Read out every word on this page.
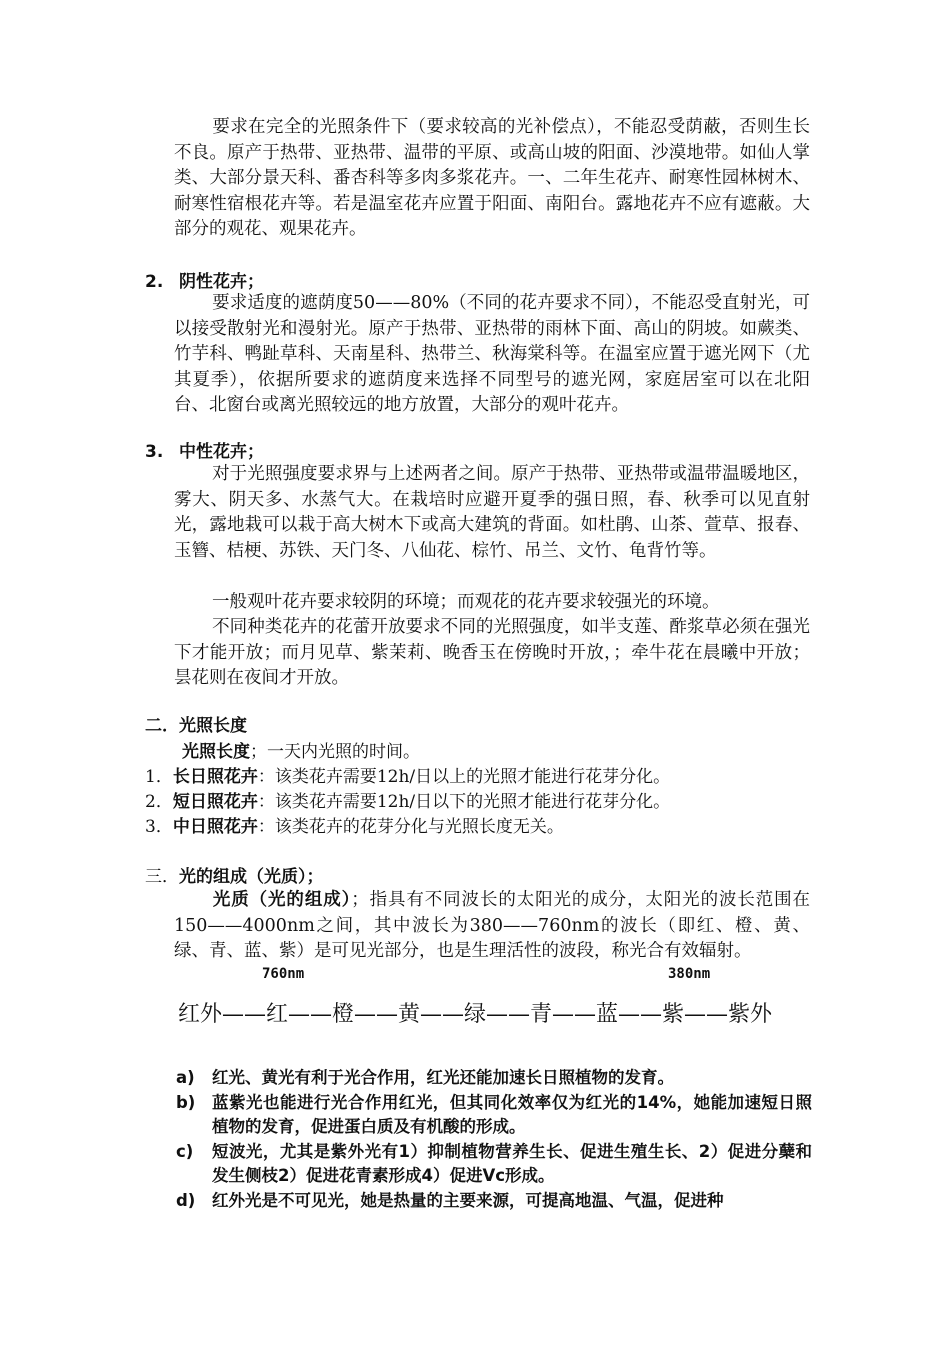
要求在完全的光照条件下（要求较高的光补偿点），不能忍受荫蔽，否则生长不良。原产于热带、亚热带、温带的平原、或高山坡的阳面、沙漠地带。如仙人掌类、大部分景天科、番杏科等多肉多浆花卉。一、二年生花卉、耐寒性园林树木、耐寒性宿根花卉等。若是温室花卉应置于阳面、南阳台。露地花卉不应有遮蔽。大部分的观花、观果花卉。
2. 阴性花卉；
要求适度的遮荫度50——80%（不同的花卉要求不同），不能忍受直射光，可以接受散射光和漫射光。原产于热带、亚热带的雨林下面、高山的阴坡。如蕨类、竹芋科、鸭趾草科、天南星科、热带兰、秋海棠科等。在温室应置于遮光网下（尤其夏季），依据所要求的遮荫度来选择不同型号的遮光网，家庭居室可以在北阳台、北窗台或离光照较远的地方放置，大部分的观叶花卉。
3. 中性花卉；
对于光照强度要求界与上述两者之间。原产于热带、亚热带或温带温暖地区，雾大、阴天多、水蒸气大。在栽培时应避开夏季的强日照，春、秋季可以见直射光，露地栽可以栽于高大树木下或高大建筑的背面。如杜鹃、山茶、萱草、报春、玉簪、桔梗、苏铁、天门冬、八仙花、棕竹、吊兰、文竹、龟背竹等。
一般观叶花卉要求较阴的环境；而观花的花卉要求较强光的环境。
不同种类花卉的花蕾开放要求不同的光照强度，如半支莲、酢浆草必须在强光下才能开放；而月见草、紫茉莉、晚香玉在傍晚时开放，；牵牛花在晨曦中开放；昙花则在夜间才开放。
二．光照长度
光照长度；一天内光照的时间。
1．长日照花卉：该类花卉需要12h/日以上的光照才能进行花芽分化。
2．短日照花卉：该类花卉需要12h/日以下的光照才能进行花芽分化。
3．中日照花卉：该类花卉的花芽分化与光照长度无关。
三．光的组成（光质）；
光质（光的组成）；指具有不同波长的太阳光的成分，太阳光的波长范围在150——4000nm之间，其中波长为380——760nm的波长（即红、橙、黄、绿、青、蓝、紫）是可见光部分，也是生理活性的波段，称光合有效辐射。
760nm	380nm
红外——红——橙——黄——绿——青——蓝——紫——紫外
a) 红光、黄光有利于光合作用，红光还能加速长日照植物的发育。
b) 蓝紫光也能进行光合作用红光，但其同化效率仅为红光的14%，她能加速短日照植物的发育，促进蛋白质及有机酸的形成。
c) 短波光，尤其是紫外光有1）抑制植物营养生长、促进生殖生长、2）促进分蘖和发生侧枝2）促进花青素形成4）促进Vc形成。
d) 红外光是不可见光，她是热量的主要来源，可提高地温、气温，促进种
